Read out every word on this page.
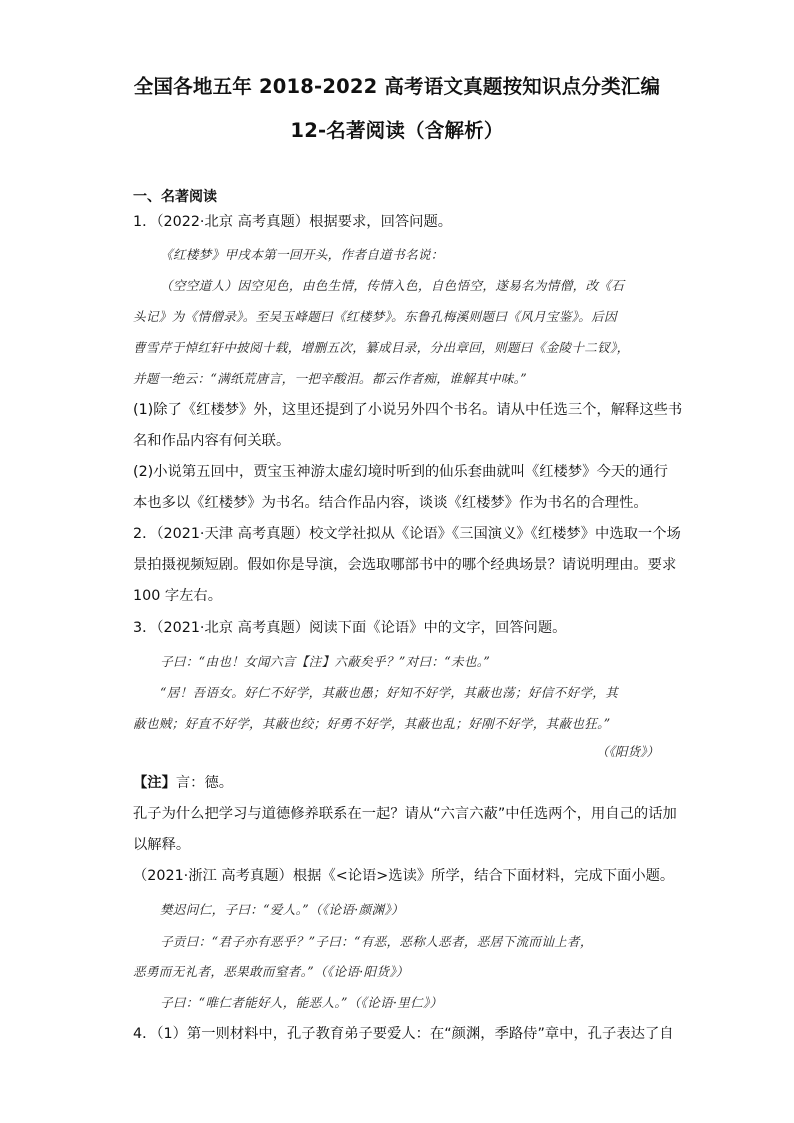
全国各地五年 2018-2022 高考语文真题按知识点分类汇编
12-名著阅读（含解析）
一、名著阅读
1．（2022·北京 高考真题）根据要求，回答问题。
《红楼梦》甲戌本第一回开头，作者自道书名说：
（空空道人）因空见色，由色生情，传情入色，自色悟空，遂易名为情僧，改《石
头记》为《情僧录》。至吴玉峰题曰《红楼梦》。东鲁孔梅溪则题曰《风月宝鉴》。后因
曹雪芹于悼红轩中披阅十载，增删五次，纂成目录，分出章回，则题曰《金陵十二钗》，
并题一绝云：“满纸荒唐言，一把辛酸泪。都云作者痴，谁解其中味。”
(1)除了《红楼梦》外，这里还提到了小说另外四个书名。请从中任选三个，解释这些书
名和作品内容有何关联。
(2)小说第五回中，贾宝玉神游太虚幻境时听到的仙乐套曲就叫《红楼梦》今天的通行
本也多以《红楼梦》为书名。结合作品内容，谈谈《红楼梦》作为书名的合理性。
2．（2021·天津 高考真题）校文学社拟从《论语》《三国演义》《红楼梦》中选取一个场
景拍摄视频短剧。假如你是导演，会选取哪部书中的哪个经典场景？请说明理由。要求
100 字左右。
3．（2021·北京 高考真题）阅读下面《论语》中的文字，回答问题。
子曰：“由也！女闻六言【注】六蔽矣乎？”对曰：“未也。”
“居！吾语女。好仁不好学，其蔽也愚；好知不好学，其蔽也荡；好信不好学，其
蔽也贼；好直不好学，其蔽也绞；好勇不好学，其蔽也乱；好刚不好学，其蔽也狂。”
（《阳货》）
【注】言：德。
孔子为什么把学习与道德修养联系在一起？请从“六言六蔽”中任选两个，用自己的话加
以解释。
（2021·浙江 高考真题）根据《<论语>选读》所学，结合下面材料，完成下面小题。
樊迟问仁，子曰：“爱人。”（《论语·颜渊》）
子贡曰：“君子亦有恶乎？”子曰：“有恶，恶称人恶者，恶居下流而讪上者，
恶勇而无礼者，恶果敢而窒者。”（《论语·阳货》）
子曰：“唯仁者能好人，能恶人。”（《论语·里仁》）
4．（1）第一则材料中，孔子教育弟子要爱人：在“颜渊，季路侍”章中，孔子表达了自
